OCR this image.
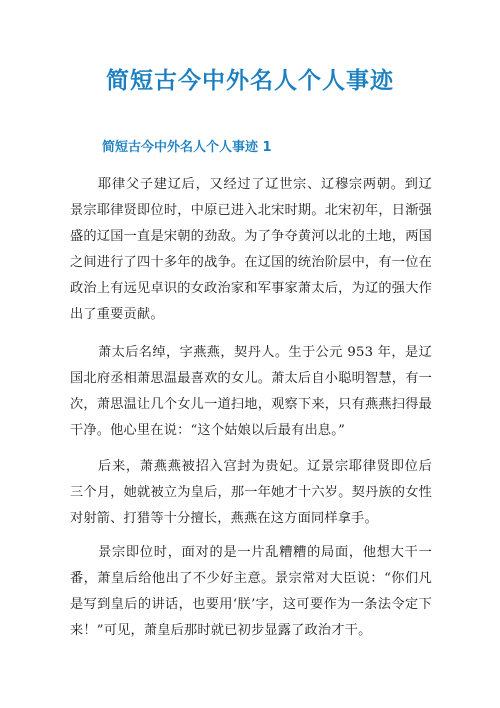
简短古今中外名人个人事迹
简短古今中外名人个人事迹 1

耶律父子建辽后，又经过了辽世宗、辽穆宗两朝。到辽景宗耶律贤即位时，中原已进入北宋时期。北宋初年，日渐强盛的辽国一直是宋朝的劲敌。为了争夺黄河以北的土地，两国之间进行了四十多年的战争。在辽国的统治阶层中，有一位在政治上有远见卓识的女政治家和军事家萧太后，为辽的强大作出了重要贡献。

萧太后名绰，字燕燕，契丹人。生于公元 953 年，是辽国北府丞相萧思温最喜欢的女儿。萧太后自小聪明智慧，有一次，萧思温让几个女儿一道扫地，观察下来，只有燕燕扫得最干净。他心里在说：“这个姑娘以后最有出息。”

后来，萧燕燕被招入宫封为贵妃。辽景宗耶律贤即位后三个月，她就被立为皇后，那一年她才十六岁。契丹族的女性对射箭、打猎等十分擅长，燕燕在这方面同样拿手。

景宗即位时，面对的是一片乱糟糟的局面，他想大干一番，萧皇后给他出了不少好主意。景宗常对大臣说：“你们凡是写到皇后的讲话，也要用‘朕’字，这可要作为一条法令定下来！”可见，萧皇后那时就已初步显露了政治才干。
